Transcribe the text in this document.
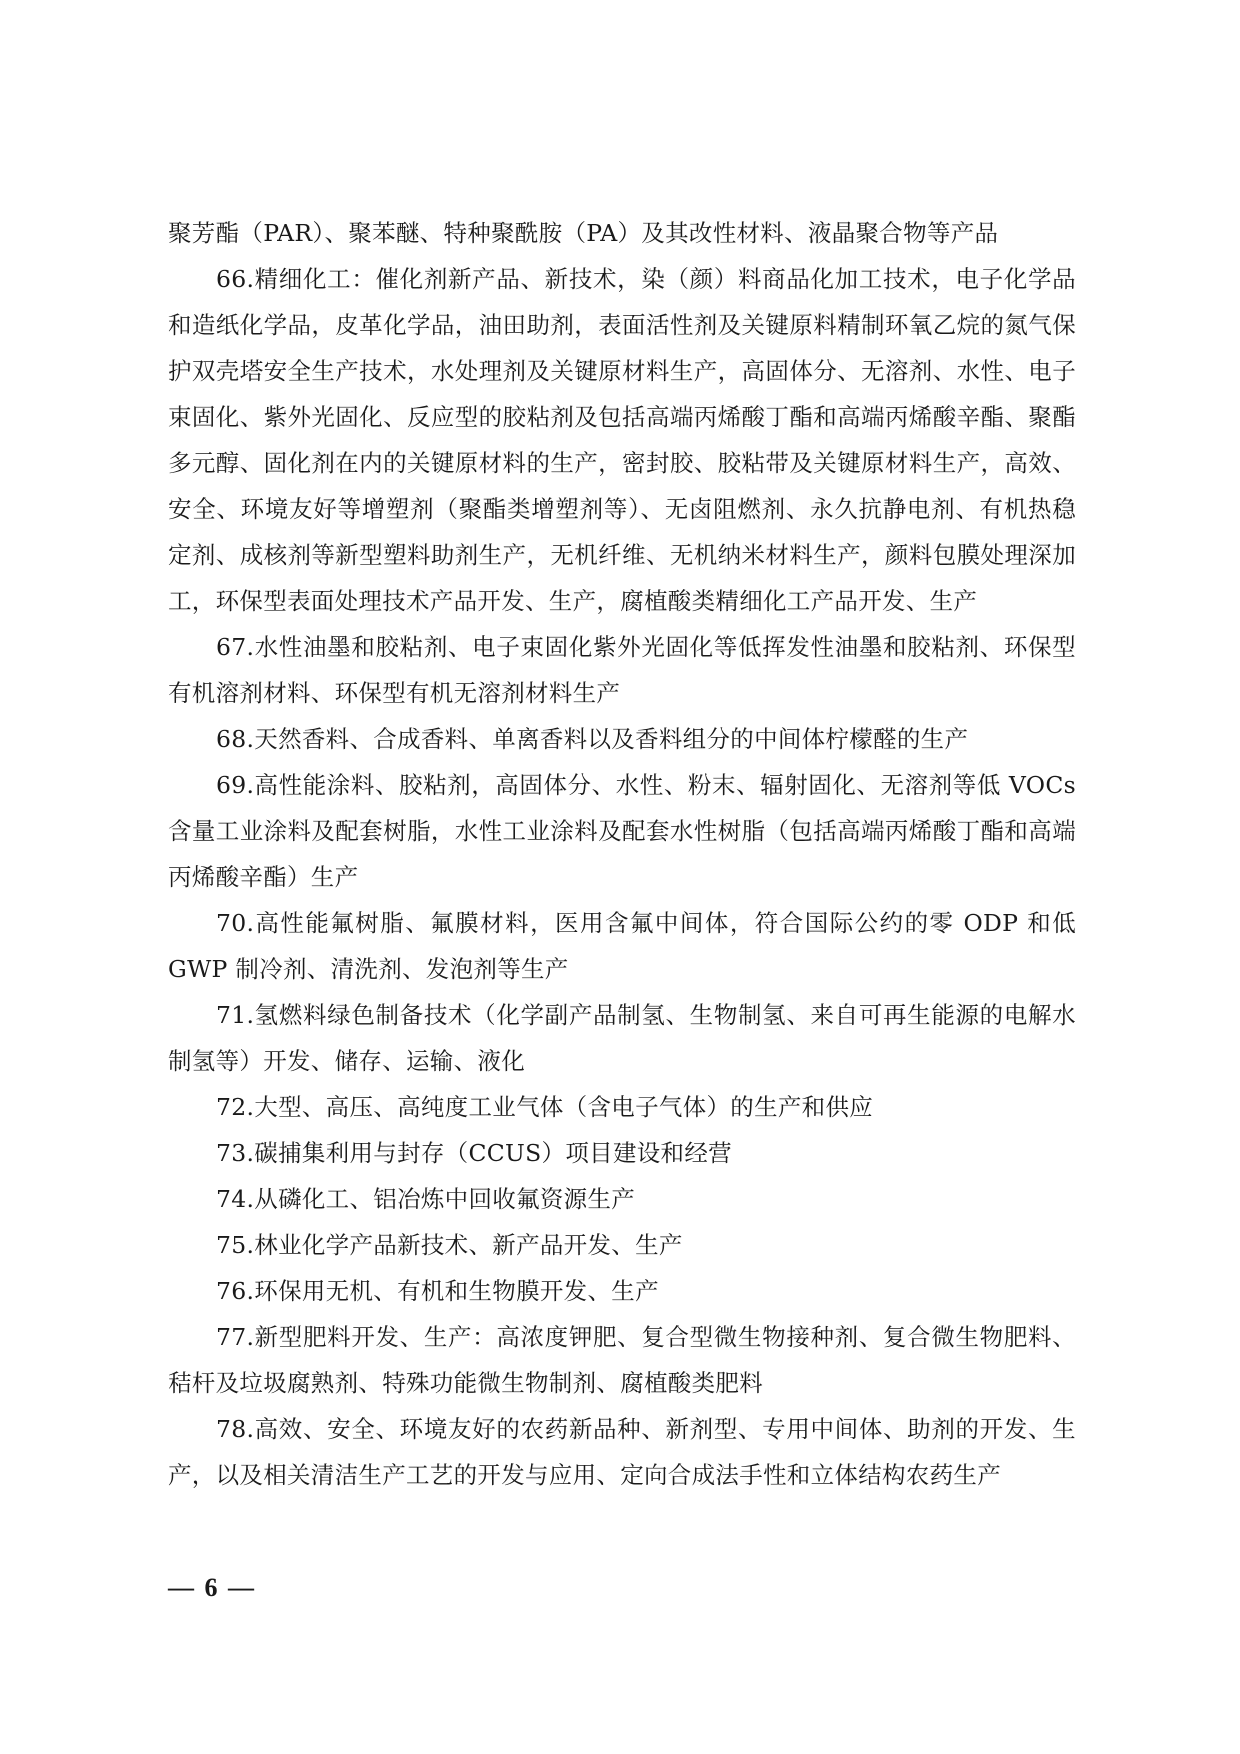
聚芳酯（PAR）、聚苯醚、特种聚酰胺（PA）及其改性材料、液晶聚合物等产品

66.精细化工：催化剂新产品、新技术，染（颜）料商品化加工技术，电子化学品和造纸化学品，皮革化学品，油田助剂，表面活性剂及关键原料精制环氧乙烷的氮气保护双壳塔安全生产技术，水处理剂及关键原材料生产，高固体分、无溶剂、水性、电子束固化、紫外光固化、反应型的胶粘剂及包括高端丙烯酸丁酯和高端丙烯酸辛酯、聚酯多元醇、固化剂在内的关键原材料的生产，密封胶、胶粘带及关键原材料生产，高效、安全、环境友好等增塑剂（聚酯类增塑剂等）、无卤阻燃剂、永久抗静电剂、有机热稳定剂、成核剂等新型塑料助剂生产，无机纤维、无机纳米材料生产，颜料包膜处理深加工，环保型表面处理技术产品开发、生产，腐植酸类精细化工产品开发、生产

67.水性油墨和胶粘剂、电子束固化紫外光固化等低挥发性油墨和胶粘剂、环保型有机溶剂材料、环保型有机无溶剂材料生产

68.天然香料、合成香料、单离香料以及香料组分的中间体柠檬醛的生产

69.高性能涂料、胶粘剂，高固体分、水性、粉末、辐射固化、无溶剂等低 VOCs 含量工业涂料及配套树脂，水性工业涂料及配套水性树脂（包括高端丙烯酸丁酯和高端丙烯酸辛酯）生产

70.高性能氟树脂、氟膜材料，医用含氟中间体，符合国际公约的零 ODP 和低 GWP 制冷剂、清洗剂、发泡剂等生产

71.氢燃料绿色制备技术（化学副产品制氢、生物制氢、来自可再生能源的电解水制氢等）开发、储存、运输、液化

72.大型、高压、高纯度工业气体（含电子气体）的生产和供应

73.碳捕集利用与封存（CCUS）项目建设和经营

74.从磷化工、铝冶炼中回收氟资源生产

75.林业化学产品新技术、新产品开发、生产

76.环保用无机、有机和生物膜开发、生产

77.新型肥料开发、生产：高浓度钾肥、复合型微生物接种剂、复合微生物肥料、秸杆及垃圾腐熟剂、特殊功能微生物制剂、腐植酸类肥料

78.高效、安全、环境友好的农药新品种、新剂型、专用中间体、助剂的开发、生产，以及相关清洁生产工艺的开发与应用、定向合成法手性和立体结构农药生产

— 6 —
